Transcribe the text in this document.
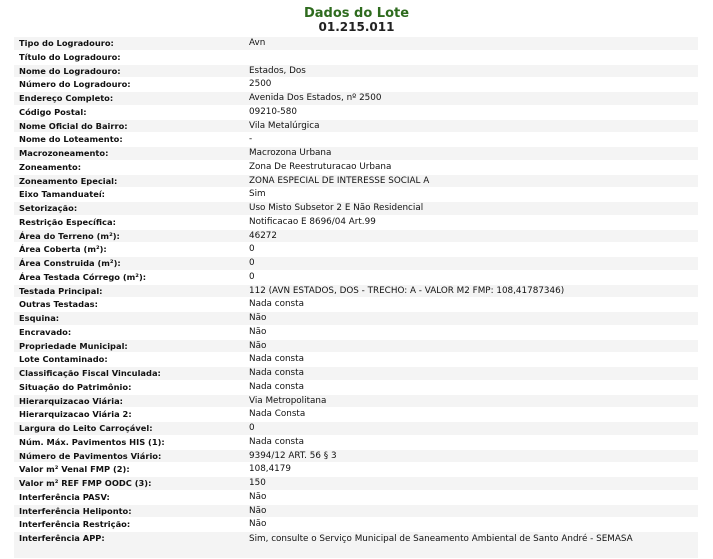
Dados do Lote
01.215.011
Tipo do Logradouro:	Avn
Título do Logradouro:
Nome do Logradouro:	Estados, Dos
Número do Logradouro:	2500
Endereço Completo:	Avenida Dos Estados, nº 2500
Código Postal:	09210-580
Nome Oficial do Bairro:	Vila Metalúrgica
Nome do Loteamento:	-
Macrozoneamento:	Macrozona Urbana
Zoneamento:	Zona De Reestruturacao Urbana
Zoneamento Epecial:	ZONA ESPECIAL DE INTERESSE SOCIAL A
Eixo Tamanduateí:	Sim
Setorização:	Uso Misto Subsetor 2 E Não Residencial
Restrição Específica:	Notificacao E 8696/04 Art.99
Área do Terreno (m²):	46272
Área Coberta (m²):	0
Área Construida (m²):	0
Área Testada Córrego (m²):	0
Testada Principal:	112 (AVN ESTADOS, DOS - TRECHO: A - VALOR M2 FMP: 108,41787346)
Outras Testadas:	Nada consta
Esquina:	Não
Encravado:	Não
Propriedade Municipal:	Não
Lote Contaminado:	Nada consta
Classificação Fiscal Vinculada:	Nada consta
Situação do Patrimônio:	Nada consta
Hierarquizacao Viária:	Via Metropolitana
Hierarquizacao Viária 2:	Nada Consta
Largura do Leito Carroçável:	0
Núm. Máx. Pavimentos HIS (1):	Nada consta
Número de Pavimentos Viário:	9394/12 ART. 56 § 3
Valor m² Venal FMP (2):	108,4179
Valor m² REF FMP OODC (3):	150
Interferência PASV:	Não
Interferência Heliponto:	Não
Interferência Restrição:	Não
Interferência APP:	Sim, consulte o Serviço Municipal de Saneamento Ambiental de Santo André - SEMASA
